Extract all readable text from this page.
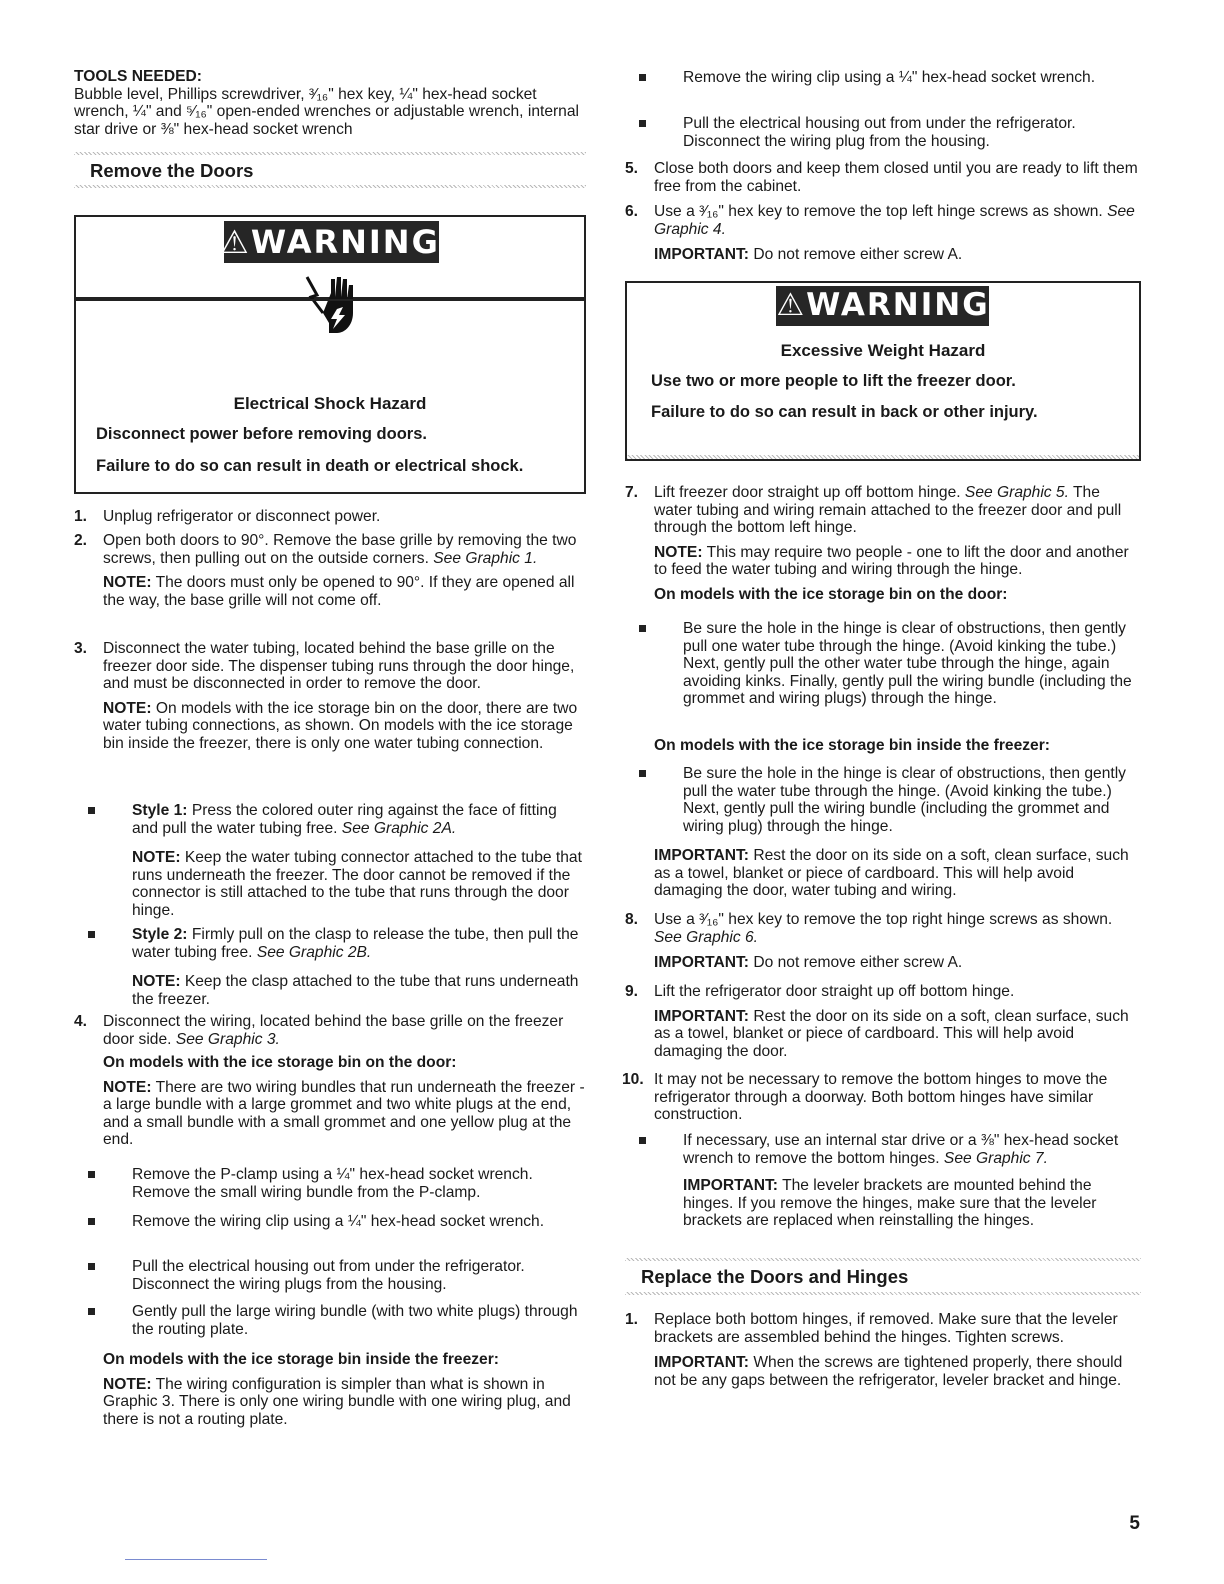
TOOLS NEEDED:

Bubble level, Phillips screwdriver, ³⁄₁₆" hex key, ¼" hex-head socket wrench, ¼" and ⁵⁄₁₆" open-ended wrenches or adjustable wrench, internal star drive or ⅜" hex-head socket wrench

Remove the Doors
⚠WARNING

Electrical Shock Hazard

Disconnect power before removing doors.

Failure to do so can result in death or electrical shock.

1. Unplug refrigerator or disconnect power.

2. Open both doors to 90°. Remove the base grille by removing the two screws, then pulling out on the outside corners. See Graphic 1.

NOTE: The doors must only be opened to 90°. If they are opened all the way, the base grille will not come off.

3. Disconnect the water tubing, located behind the base grille on the freezer door side. The dispenser tubing runs through the door hinge, and must be disconnected in order to remove the door.

NOTE: On models with the ice storage bin on the door, there are two water tubing connections, as shown. On models with the ice storage bin inside the freezer, there is only one water tubing connection.

Style 1: Press the colored outer ring against the face of fitting and pull the water tubing free. See Graphic 2A.

NOTE: Keep the water tubing connector attached to the tube that runs underneath the freezer. The door cannot be removed if the connector is still attached to the tube that runs through the door hinge.

Style 2: Firmly pull on the clasp to release the tube, then pull the water tubing free. See Graphic 2B.

NOTE: Keep the clasp attached to the tube that runs underneath the freezer.

4. Disconnect the wiring, located behind the base grille on the freezer door side. See Graphic 3.

On models with the ice storage bin on the door:

NOTE: There are two wiring bundles that run underneath the freezer - a large bundle with a large grommet and two white plugs at the end, and a small bundle with a small grommet and one yellow plug at the end.

Remove the P-clamp using a ¼" hex-head socket wrench. Remove the small wiring bundle from the P-clamp.

Remove the wiring clip using a ¼" hex-head socket wrench.

Pull the electrical housing out from under the refrigerator. Disconnect the wiring plugs from the housing.

Gently pull the large wiring bundle (with two white plugs) through the routing plate.

On models with the ice storage bin inside the freezer:

NOTE: The wiring configuration is simpler than what is shown in Graphic 3. There is only one wiring bundle with one wiring plug, and there is not a routing plate.

Remove the wiring clip using a ¼" hex-head socket wrench.

Pull the electrical housing out from under the refrigerator. Disconnect the wiring plug from the housing.

5. Close both doors and keep them closed until you are ready to lift them free from the cabinet.

6. Use a ³⁄₁₆" hex key to remove the top left hinge screws as shown. See Graphic 4.

IMPORTANT: Do not remove either screw A.

⚠WARNING

Excessive Weight Hazard

Use two or more people to lift the freezer door.

Failure to do so can result in back or other injury.

7. Lift freezer door straight up off bottom hinge. See Graphic 5. The water tubing and wiring remain attached to the freezer door and pull through the bottom left hinge.

NOTE: This may require two people - one to lift the door and another to feed the water tubing and wiring through the hinge.

On models with the ice storage bin on the door:

Be sure the hole in the hinge is clear of obstructions, then gently pull one water tube through the hinge. (Avoid kinking the tube.) Next, gently pull the other water tube through the hinge, again avoiding kinks. Finally, gently pull the wiring bundle (including the grommet and wiring plugs) through the hinge.

On models with the ice storage bin inside the freezer:

Be sure the hole in the hinge is clear of obstructions, then gently pull the water tube through the hinge. (Avoid kinking the tube.) Next, gently pull the wiring bundle (including the grommet and wiring plug) through the hinge.

IMPORTANT: Rest the door on its side on a soft, clean surface, such as a towel, blanket or piece of cardboard. This will help avoid damaging the door, water tubing and wiring.

8. Use a ³⁄₁₆" hex key to remove the top right hinge screws as shown. See Graphic 6.

IMPORTANT: Do not remove either screw A.

9. Lift the refrigerator door straight up off bottom hinge.

IMPORTANT: Rest the door on its side on a soft, clean surface, such as a towel, blanket or piece of cardboard. This will help avoid damaging the door.

10. It may not be necessary to remove the bottom hinges to move the refrigerator through a doorway. Both bottom hinges have similar construction.

If necessary, use an internal star drive or a ⅜" hex-head socket wrench to remove the bottom hinges. See Graphic 7.

IMPORTANT: The leveler brackets are mounted behind the hinges. If you remove the hinges, make sure that the leveler brackets are replaced when reinstalling the hinges.

Replace the Doors and Hinges
1. Replace both bottom hinges, if removed. Make sure that the leveler brackets are assembled behind the hinges. Tighten screws.

IMPORTANT: When the screws are tightened properly, there should not be any gaps between the refrigerator, leveler bracket and hinge.

5
